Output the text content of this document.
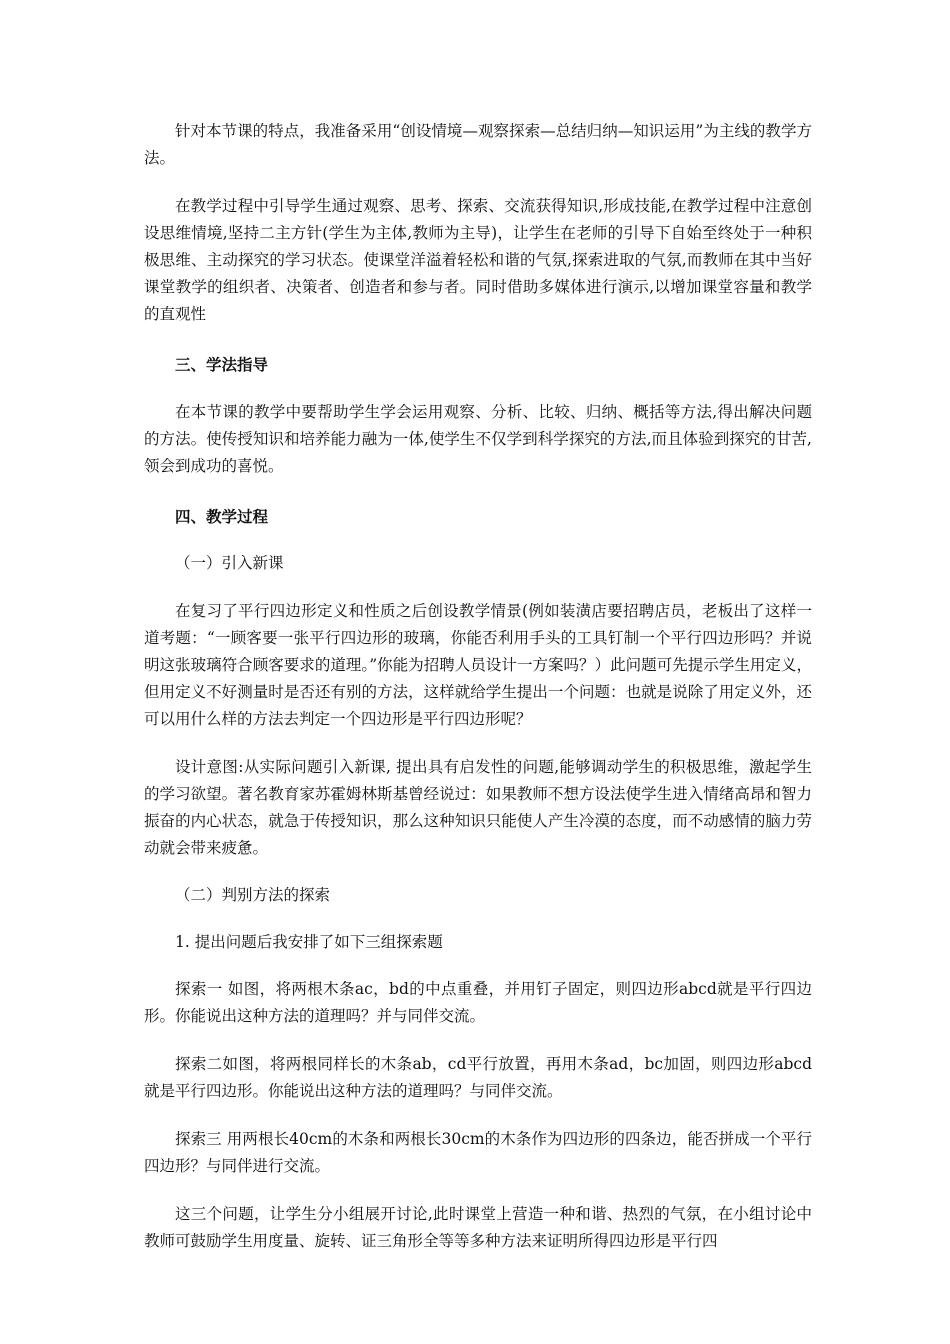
针对本节课的特点，我准备采用“创设情境—观察探索—总结归纳—知识运用”为主线的教学方法。

在教学过程中引导学生通过观察、思考、探索、交流获得知识,形成技能,在教学过程中注意创设思维情境,坚持二主方针(学生为主体,教师为主导)，让学生在老师的引导下自始至终处于一种积极思维、主动探究的学习状态。使课堂洋溢着轻松和谐的气氛,探索进取的气氛,而教师在其中当好课堂教学的组织者、决策者、创造者和参与者。同时借助多媒体进行演示,以增加课堂容量和教学的直观性

三、学法指导

在本节课的教学中要帮助学生学会运用观察、分析、比较、归纳、概括等方法,得出解决问题的方法。使传授知识和培养能力融为一体,使学生不仅学到科学探究的方法,而且体验到探究的甘苦,领会到成功的喜悦。

四、教学过程

（一）引入新课

在复习了平行四边形定义和性质之后创设教学情景(例如装潢店要招聘店员，老板出了这样一道考题：“一顾客要一张平行四边形的玻璃，你能否利用手头的工具钉制一个平行四边形吗？并说明这张玻璃符合顾客要求的道理。”你能为招聘人员设计一方案吗？）此问题可先提示学生用定义，但用定义不好测量时是否还有别的方法，这样就给学生提出一个问题：也就是说除了用定义外，还可以用什么样的方法去判定一个四边形是平行四边形呢？

设计意图:从实际问题引入新课, 提出具有启发性的问题,能够调动学生的积极思维，激起学生的学习欲望。著名教育家苏霍姆林斯基曾经说过：如果教师不想方设法使学生进入情绪高昂和智力振奋的内心状态，就急于传授知识，那么这种知识只能使人产生冷漠的态度，而不动感情的脑力劳动就会带来疲惫。

（二）判别方法的探索

1. 提出问题后我安排了如下三组探索题

探索一 如图，将两根木条ac，bd的中点重叠，并用钉子固定，则四边形abcd就是平行四边形。你能说出这种方法的道理吗？并与同伴交流。

探索二如图，将两根同样长的木条ab，cd平行放置，再用木条ad，bc加固，则四边形abcd就是平行四边形。你能说出这种方法的道理吗？与同伴交流。

探索三 用两根长40cm的木条和两根长30cm的木条作为四边形的四条边，能否拼成一个平行四边形？与同伴进行交流。

这三个问题，让学生分小组展开讨论,此时课堂上营造一种和谐、热烈的气氛，在小组讨论中教师可鼓励学生用度量、旋转、证三角形全等等多种方法来证明所得四边形是平行四
